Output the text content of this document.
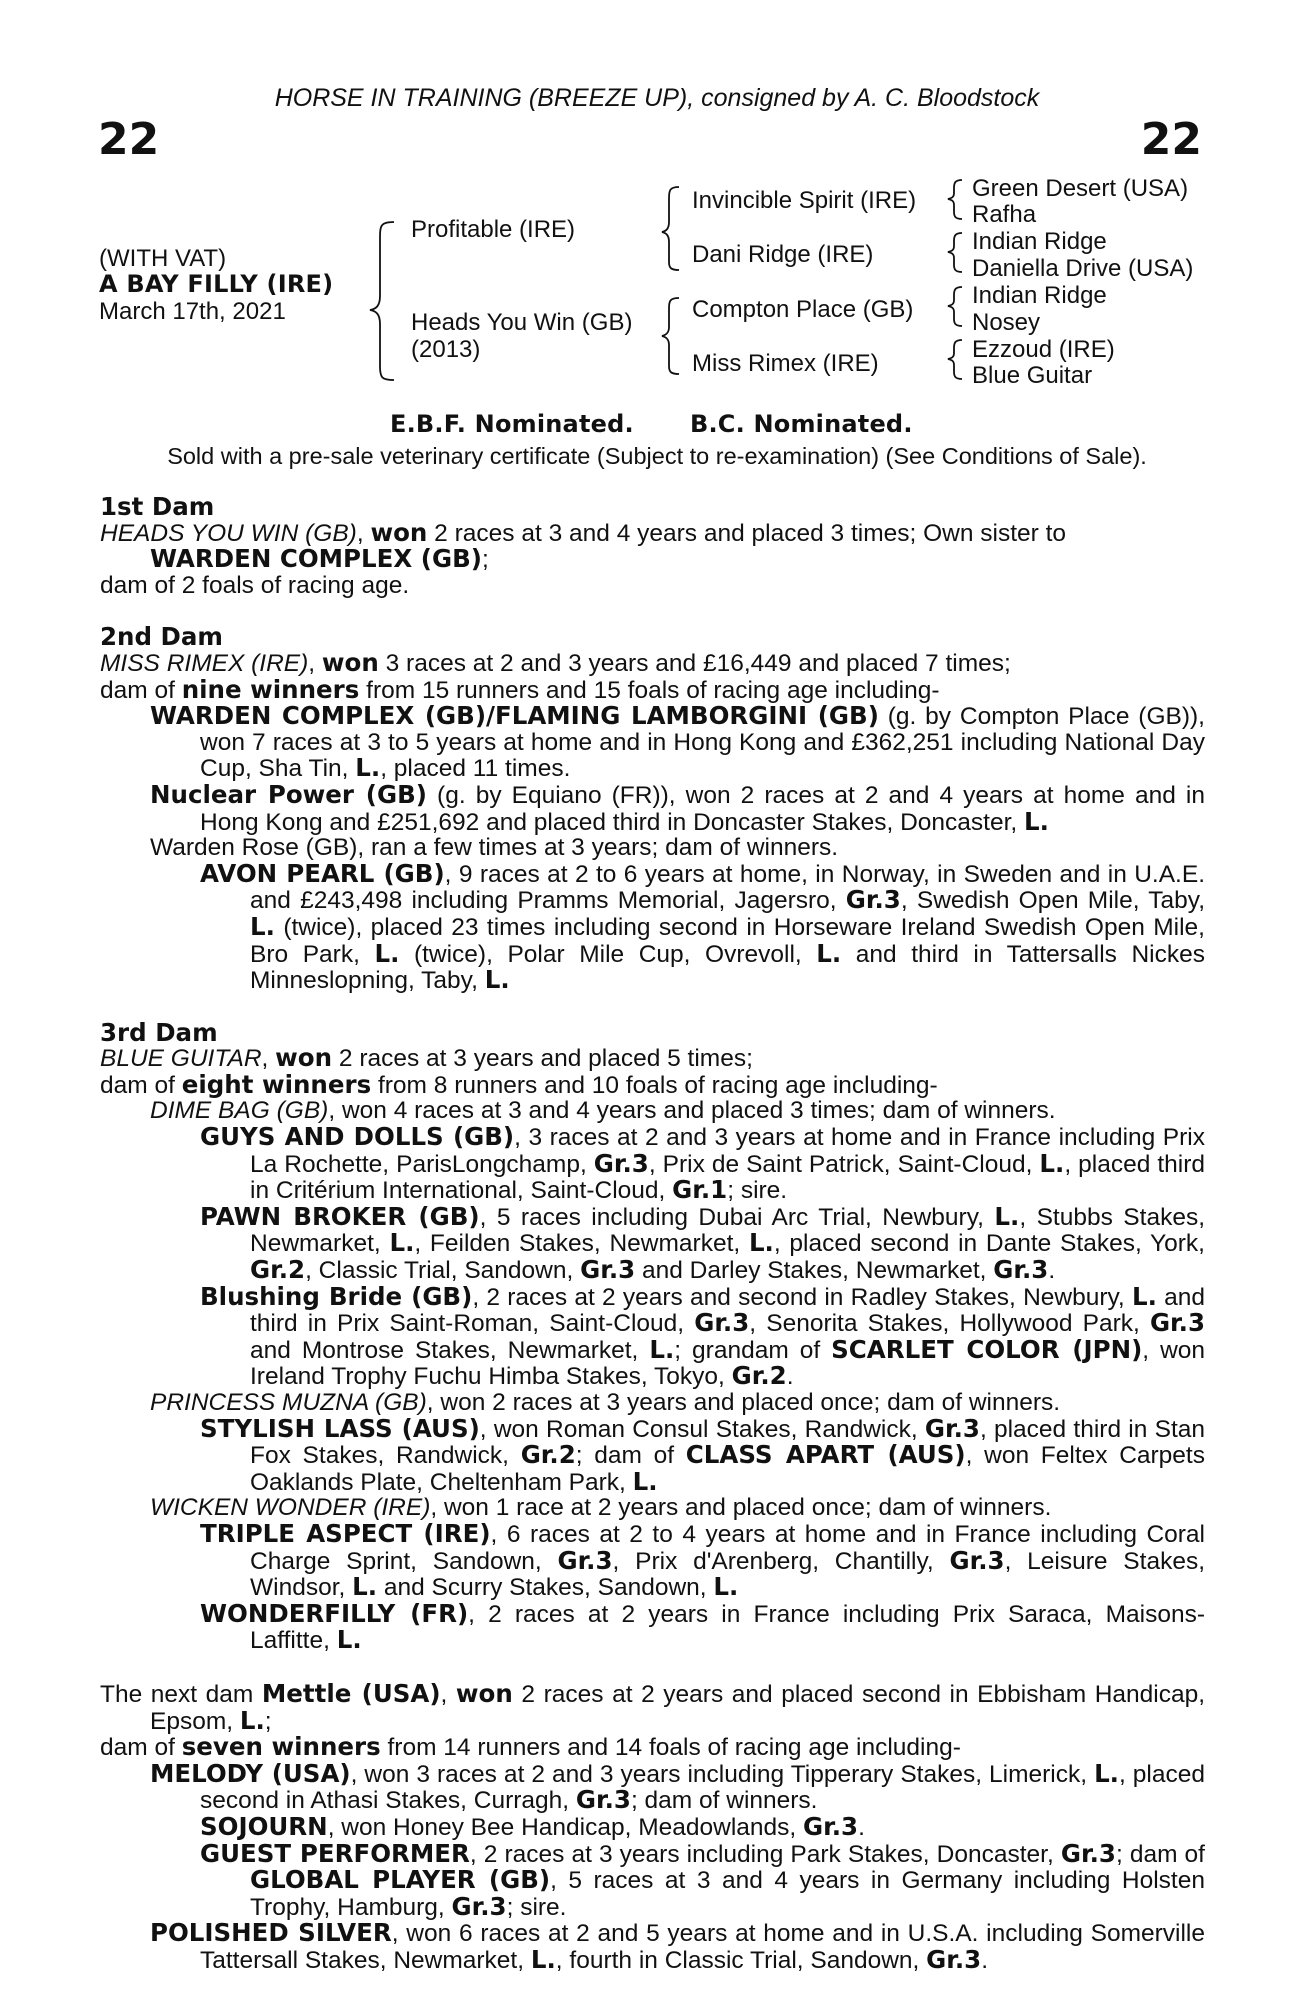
HORSE IN TRAINING (BREEZE UP), consigned by A. C. Bloodstock
22	22
(WITH VAT)
A BAY FILLY (IRE)
March 17th, 2021
Profitable (IRE)
Heads You Win (GB)
(2013)
Invincible Spirit (IRE)
Dani Ridge (IRE)
Compton Place (GB)
Miss Rimex (IRE)
Green Desert (USA)
Rafha
Indian Ridge
Daniella Drive (USA)
Indian Ridge
Nosey
Ezzoud (IRE)
Blue Guitar
E.B.F. Nominated. B.C. Nominated.
Sold with a pre-sale veterinary certificate (Subject to re-examination) (See Conditions of Sale).
1st Dam
HEADS YOU WIN (GB), won 2 races at 3 and 4 years and placed 3 times; Own sister to
WARDEN COMPLEX (GB);
dam of 2 foals of racing age.
2nd Dam
MISS RIMEX (IRE), won 3 races at 2 and 3 years and £16,449 and placed 7 times;
dam of nine winners from 15 runners and 15 foals of racing age including-
WARDEN COMPLEX (GB)/FLAMING LAMBORGINI (GB) (g. by Compton Place (GB)), won 7 races at 3 to 5 years at home and in Hong Kong and £362,251 including National Day Cup, Sha Tin, L., placed 11 times.
Nuclear Power (GB) (g. by Equiano (FR)), won 2 races at 2 and 4 years at home and in Hong Kong and £251,692 and placed third in Doncaster Stakes, Doncaster, L.
Warden Rose (GB), ran a few times at 3 years; dam of winners.
AVON PEARL (GB), 9 races at 2 to 6 years at home, in Norway, in Sweden and in U.A.E. and £243,498 including Pramms Memorial, Jagersro, Gr.3, Swedish Open Mile, Taby, L. (twice), placed 23 times including second in Horseware Ireland Swedish Open Mile, Bro Park, L. (twice), Polar Mile Cup, Ovrevoll, L. and third in Tattersalls Nickes Minneslopning, Taby, L.
3rd Dam
BLUE GUITAR, won 2 races at 3 years and placed 5 times;
dam of eight winners from 8 runners and 10 foals of racing age including-
DIME BAG (GB), won 4 races at 3 and 4 years and placed 3 times; dam of winners.
GUYS AND DOLLS (GB), 3 races at 2 and 3 years at home and in France including Prix La Rochette, ParisLongchamp, Gr.3, Prix de Saint Patrick, Saint-Cloud, L., placed third in Critérium International, Saint-Cloud, Gr.1; sire.
PAWN BROKER (GB), 5 races including Dubai Arc Trial, Newbury, L., Stubbs Stakes, Newmarket, L., Feilden Stakes, Newmarket, L., placed second in Dante Stakes, York, Gr.2, Classic Trial, Sandown, Gr.3 and Darley Stakes, Newmarket, Gr.3.
Blushing Bride (GB), 2 races at 2 years and second in Radley Stakes, Newbury, L. and third in Prix Saint-Roman, Saint-Cloud, Gr.3, Senorita Stakes, Hollywood Park, Gr.3 and Montrose Stakes, Newmarket, L.; grandam of SCARLET COLOR (JPN), won Ireland Trophy Fuchu Himba Stakes, Tokyo, Gr.2.
PRINCESS MUZNA (GB), won 2 races at 3 years and placed once; dam of winners.
STYLISH LASS (AUS), won Roman Consul Stakes, Randwick, Gr.3, placed third in Stan Fox Stakes, Randwick, Gr.2; dam of CLASS APART (AUS), won Feltex Carpets Oaklands Plate, Cheltenham Park, L.
WICKEN WONDER (IRE), won 1 race at 2 years and placed once; dam of winners.
TRIPLE ASPECT (IRE), 6 races at 2 to 4 years at home and in France including Coral Charge Sprint, Sandown, Gr.3, Prix d'Arenberg, Chantilly, Gr.3, Leisure Stakes, Windsor, L. and Scurry Stakes, Sandown, L.
WONDERFILLY (FR), 2 races at 2 years in France including Prix Saraca, Maisons-Laffitte, L.
The next dam Mettle (USA), won 2 races at 2 years and placed second in Ebbisham Handicap, Epsom, L.;
dam of seven winners from 14 runners and 14 foals of racing age including-
MELODY (USA), won 3 races at 2 and 3 years including Tipperary Stakes, Limerick, L., placed second in Athasi Stakes, Curragh, Gr.3; dam of winners.
SOJOURN, won Honey Bee Handicap, Meadowlands, Gr.3.
GUEST PERFORMER, 2 races at 3 years including Park Stakes, Doncaster, Gr.3; dam of GLOBAL PLAYER (GB), 5 races at 3 and 4 years in Germany including Holsten Trophy, Hamburg, Gr.3; sire.
POLISHED SILVER, won 6 races at 2 and 5 years at home and in U.S.A. including Somerville Tattersall Stakes, Newmarket, L., fourth in Classic Trial, Sandown, Gr.3.
